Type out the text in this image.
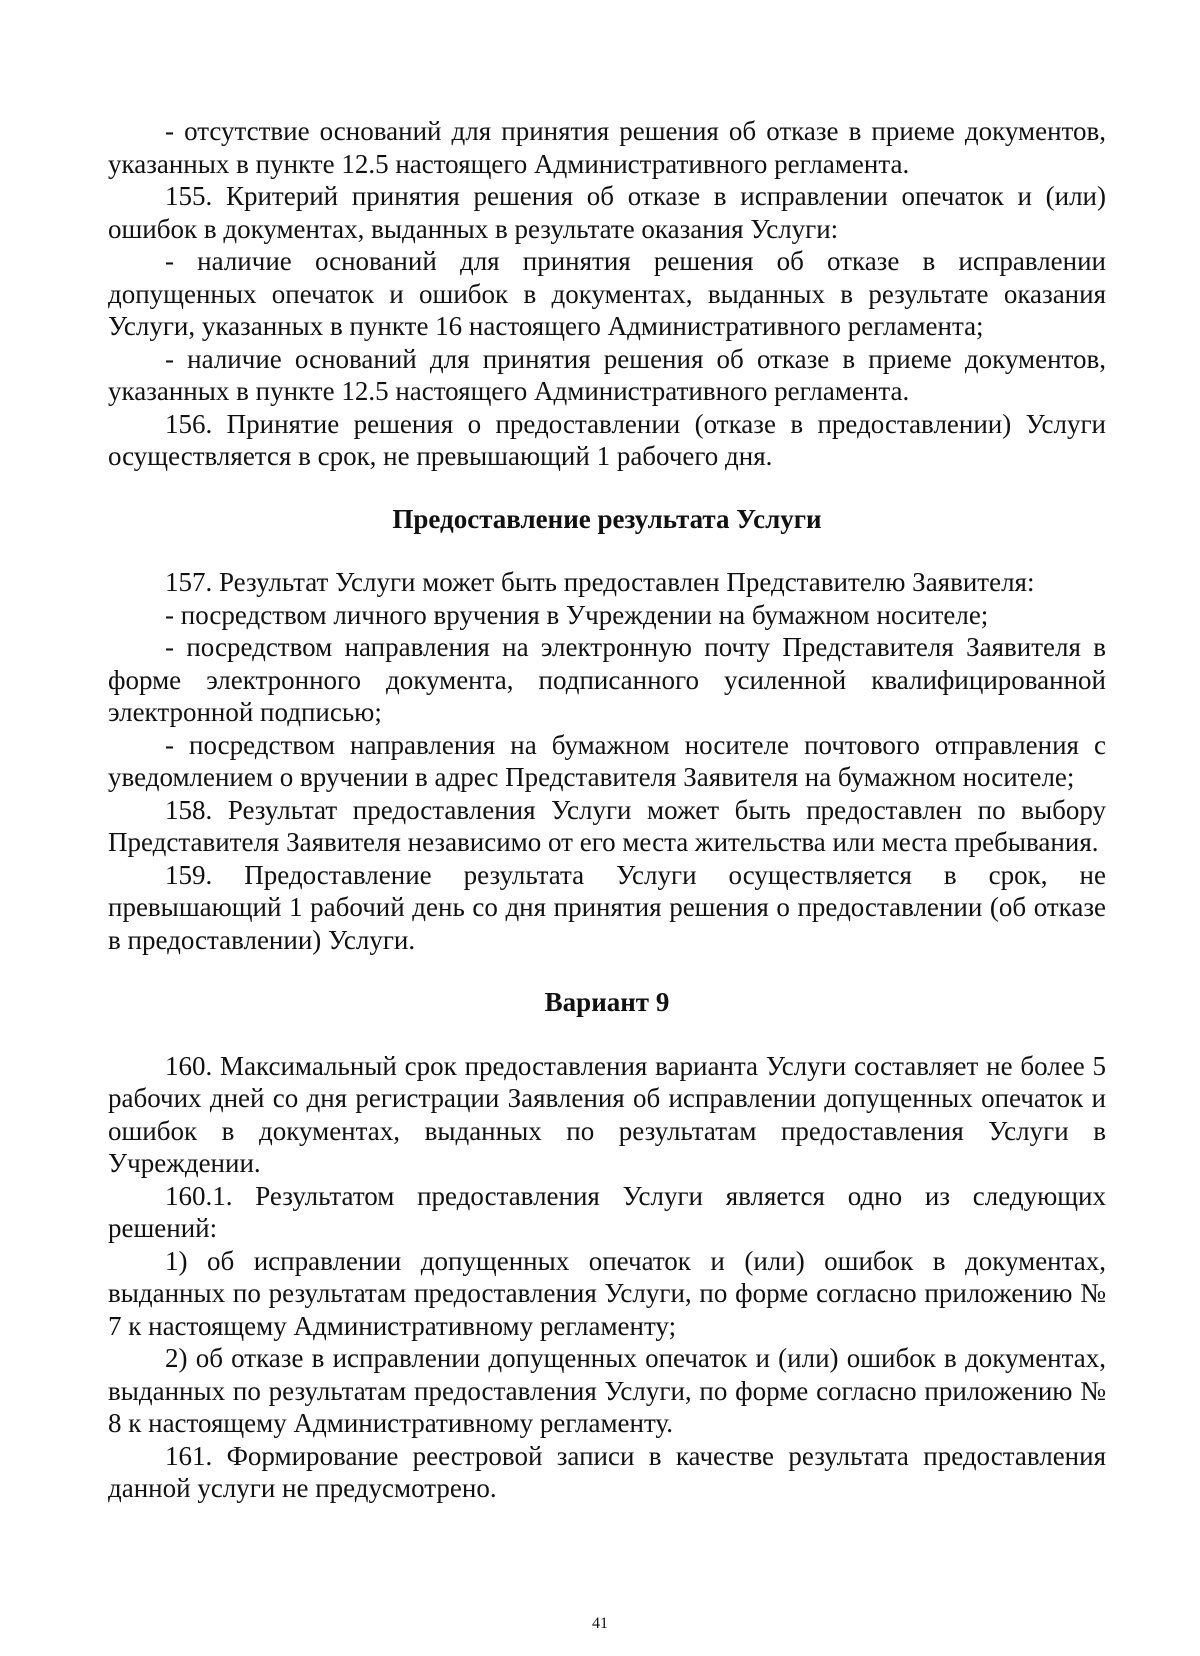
- отсутствие оснований для принятия решения об отказе в приеме документов, указанных в пункте 12.5 настоящего Административного регламента.

155. Критерий принятия решения об отказе в исправлении опечаток и (или) ошибок в документах, выданных в результате оказания Услуги:

- наличие оснований для принятия решения об отказе в исправлении допущенных опечаток и ошибок в документах, выданных в результате оказания Услуги, указанных в пункте 16 настоящего Административного регламента;

- наличие оснований для принятия решения об отказе в приеме документов, указанных в пункте 12.5 настоящего Административного регламента.

156. Принятие решения о предоставлении (отказе в предоставлении) Услуги осуществляется в срок, не превышающий 1 рабочего дня.

Предоставление результата Услуги

157. Результат Услуги может быть предоставлен Представителю Заявителя:

- посредством личного вручения в Учреждении на бумажном носителе;

- посредством направления на электронную почту Представителя Заявителя в форме электронного документа, подписанного усиленной квалифицированной электронной подписью;

- посредством направления на бумажном носителе почтового отправления с уведомлением о вручении в адрес Представителя Заявителя на бумажном носителе;

158. Результат предоставления Услуги может быть предоставлен по выбору Представителя Заявителя независимо от его места жительства или места пребывания.

159. Предоставление результата Услуги осуществляется в срок, не превышающий 1 рабочий день со дня принятия решения о предоставлении (об отказе в предоставлении) Услуги.

Вариант 9

160. Максимальный срок предоставления варианта Услуги составляет не более 5 рабочих дней со дня регистрации Заявления об исправлении допущенных опечаток и ошибок в документах, выданных по результатам предоставления Услуги в Учреждении.

160.1. Результатом предоставления Услуги является одно из следующих решений:

1) об исправлении допущенных опечаток и (или) ошибок в документах, выданных по результатам предоставления Услуги, по форме согласно приложению № 7 к настоящему Административному регламенту;

2) об отказе в исправлении допущенных опечаток и (или) ошибок в документах, выданных по результатам предоставления Услуги, по форме согласно приложению № 8 к настоящему Административному регламенту.

161. Формирование реестровой записи в качестве результата предоставления данной услуги не предусмотрено.

41
